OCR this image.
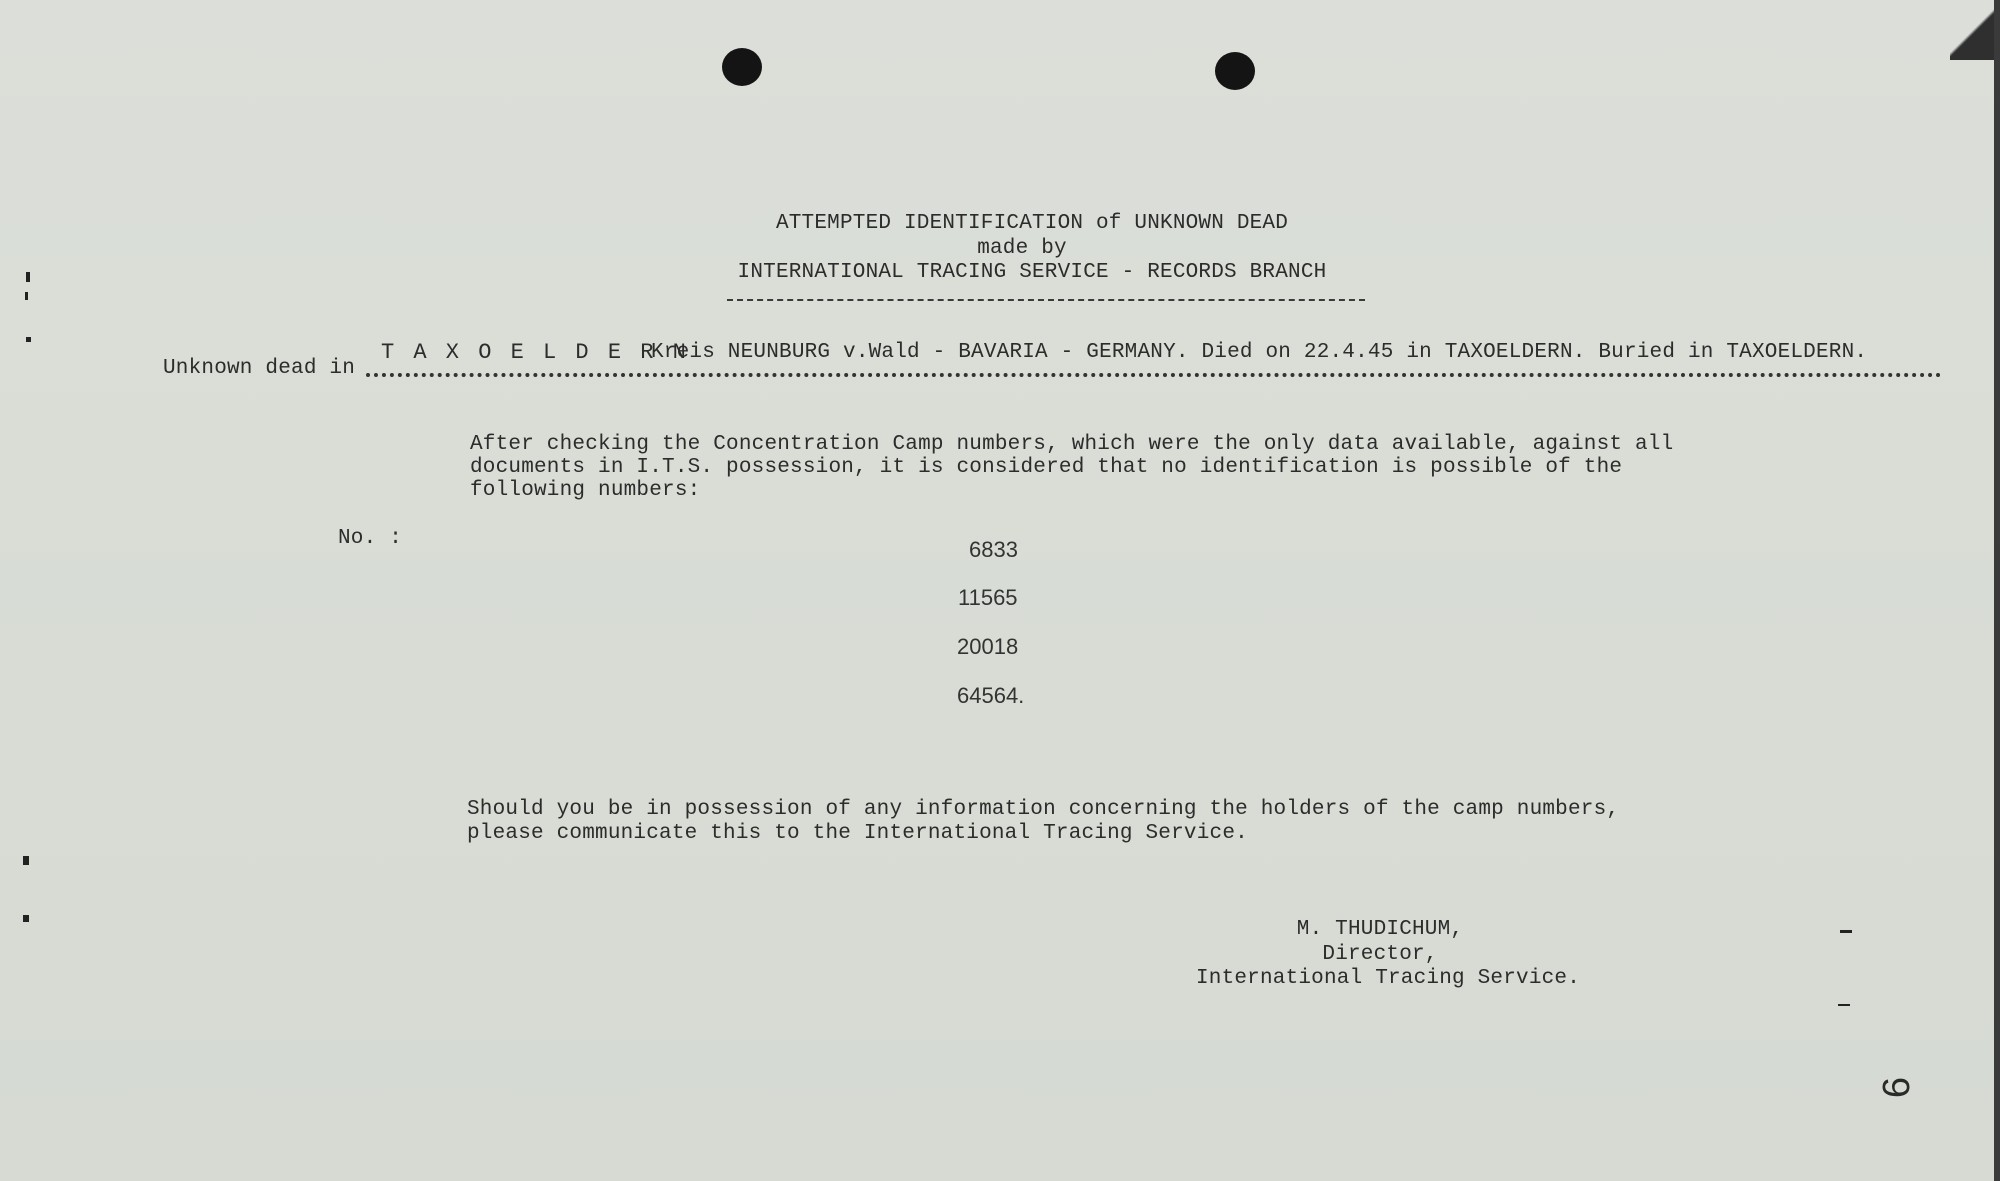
ATTEMPTED IDENTIFICATION of UNKNOWN DEAD
made by
INTERNATIONAL TRACING SERVICE - RECORDS BRANCH
T A X O E L D E R N
Kreis NEUNBURG v.Wald - BAVARIA - GERMANY. Died on 22.4.45 in TAXOELDERN. Buried in TAXOELDERN.
Unknown dead in
After checking the Concentration Camp numbers, which were the only data available, against all
documents in I.T.S. possession, it is considered that no identification is possible of the
following numbers:
No. :	6833
11565
20018
64564.
Should you be in possession of any information concerning the holders of the camp numbers,
please communicate this to the International Tracing Service.
M. THUDICHUM,
Director,
International Tracing Service.
6
